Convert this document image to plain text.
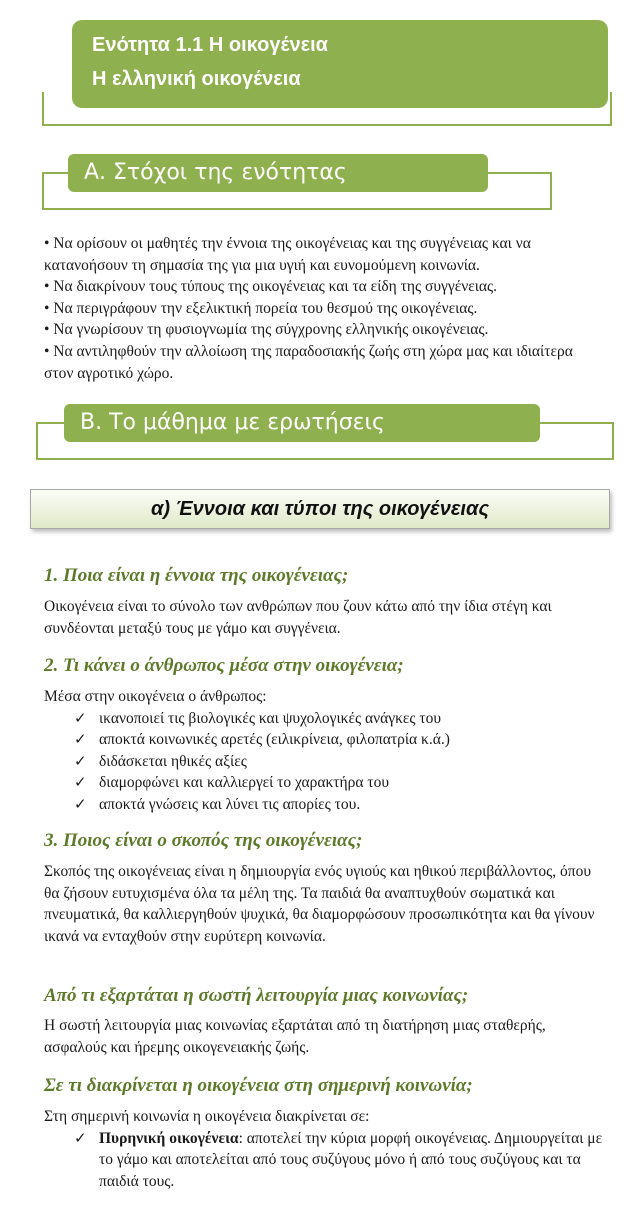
Ενότητα 1.1 Η οικογένεια
Η ελληνική οικογένεια
Α. Στόχοι της ενότητας

• Να ορίσουν οι μαθητές την έννοια της οικογένειας και της συγγένειας και να κατανοήσουν τη σημασία της για μια υγιή και ευνομούμενη κοινωνία.

• Να διακρίνουν τους τύπους της οικογένειας και τα είδη της συγγένειας.

• Να περιγράφουν την εξελικτική πορεία του θεσμού της οικογένειας.

• Να γνωρίσουν τη φυσιογνωμία της σύγχρονης ελληνικής οικογένειας.

• Να αντιληφθούν την αλλοίωση της παραδοσιακής ζωής στη χώρα μας και ιδιαίτερα στον αγροτικό χώρο.

Β. Το μάθημα με ερωτήσεις
α) Έννοια και τύποι της οικογένειας
1. Ποια είναι η έννοια της οικογένειας;

Οικογένεια είναι το σύνολο των ανθρώπων που ζουν κάτω από την ίδια στέγη και συνδέονται μεταξύ τους με γάμο και συγγένεια.

2. Τι κάνει ο άνθρωπος μέσα στην οικογένεια;

Μέσα στην οικογένεια ο άνθρωπος:

✓ ικανοποιεί τις βιολογικές και ψυχολογικές ανάγκες του
✓ αποκτά κοινωνικές αρετές (ειλικρίνεια, φιλοπατρία κ.ά.)
✓ διδάσκεται ηθικές αξίες
✓ διαμορφώνει και καλλιεργεί το χαρακτήρα του
✓ αποκτά γνώσεις και λύνει τις απορίες του.
3. Ποιος είναι ο σκοπός της οικογένειας;

Σκοπός της οικογένειας είναι η δημιουργία ενός υγιούς και ηθικού περιβάλλοντος, όπου θα ζήσουν ευτυχισμένα όλα τα μέλη της. Τα παιδιά θα αναπτυχθούν σωματικά και πνευματικά, θα καλλιεργηθούν ψυχικά, θα διαμορφώσουν προσωπικότητα και θα γίνουν ικανά να ενταχθούν στην ευρύτερη κοινωνία.

Από τι εξαρτάται η σωστή λειτουργία μιας κοινωνίας;

Η σωστή λειτουργία μιας κοινωνίας εξαρτάται από τη διατήρηση μιας σταθερής, ασφαλούς και ήρεμης οικογενειακής ζωής.

Σε τι διακρίνεται η οικογένεια στη σημερινή κοινωνία;

Στη σημερινή κοινωνία η οικογένεια διακρίνεται σε:

✓ Πυρηνική οικογένεια: αποτελεί την κύρια μορφή οικογένειας. Δημιουργείται με το γάμο και αποτελείται από τους συζύγους μόνο ή από τους συζύγους και τα παιδιά τους.
